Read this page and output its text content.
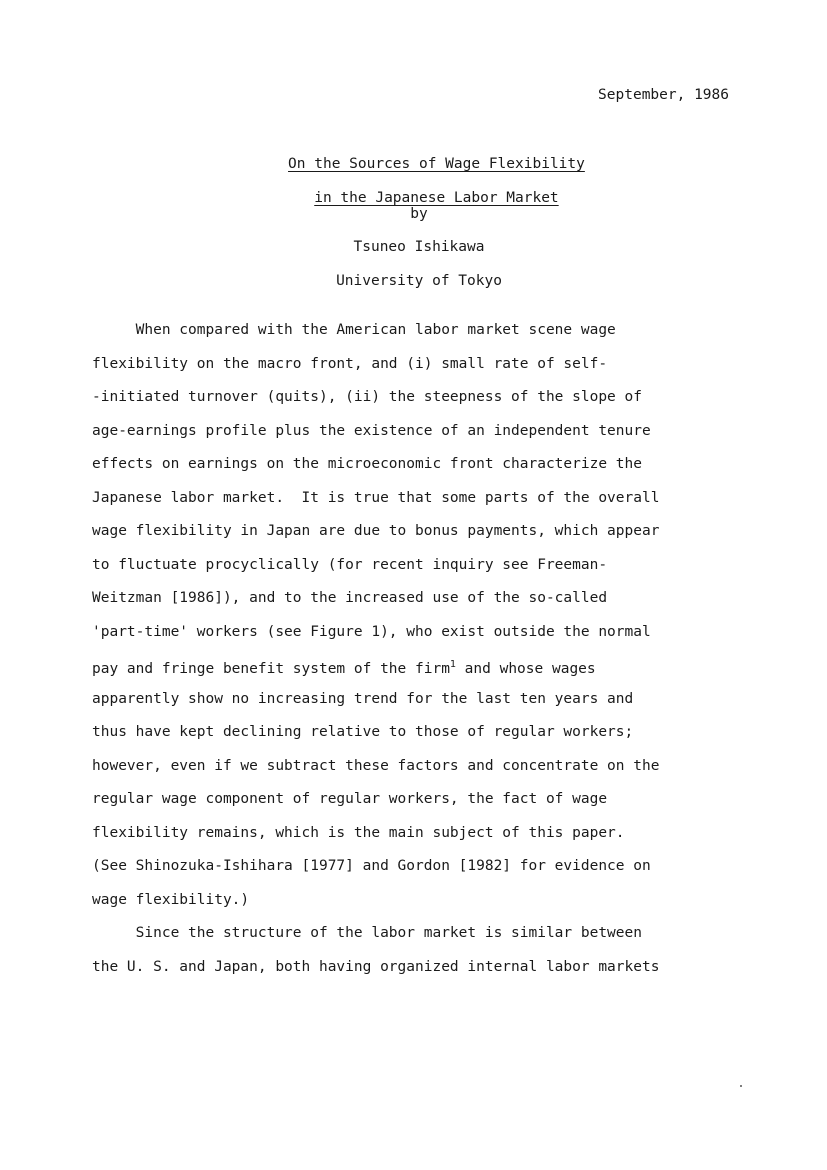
September, 1986

On the Sources of Wage Flexibility

in the Japanese Labor Market

by
Tsuneo Ishikawa
University of Tokyo
When compared with the American labor market scene wage
flexibility on the macro front, and (i) small rate of self-
-initiated turnover (quits), (ii) the steepness of the slope of
age-earnings profile plus the existence of an independent tenure
effects on earnings on the microeconomic front characterize the
Japanese labor market.  It is true that some parts of the overall
wage flexibility in Japan are due to bonus payments, which appear
to fluctuate procyclically (for recent inquiry see Freeman-
Weitzman [1986]), and to the increased use of the so-called
'part-time' workers (see Figure 1), who exist outside the normal
pay and fringe benefit system of the firm$^1$ and whose wages
apparently show no increasing trend for the last ten years and
thus have kept declining relative to those of regular workers;
however, even if we subtract these factors and concentrate on the
regular wage component of regular workers, the fact of wage
flexibility remains, which is the main subject of this paper.
(See Shinozuka-Ishihara [1977] and Gordon [1982] for evidence on
wage flexibility.)
Since the structure of the labor market is similar between
the U. S. and Japan, both having organized internal labor markets
